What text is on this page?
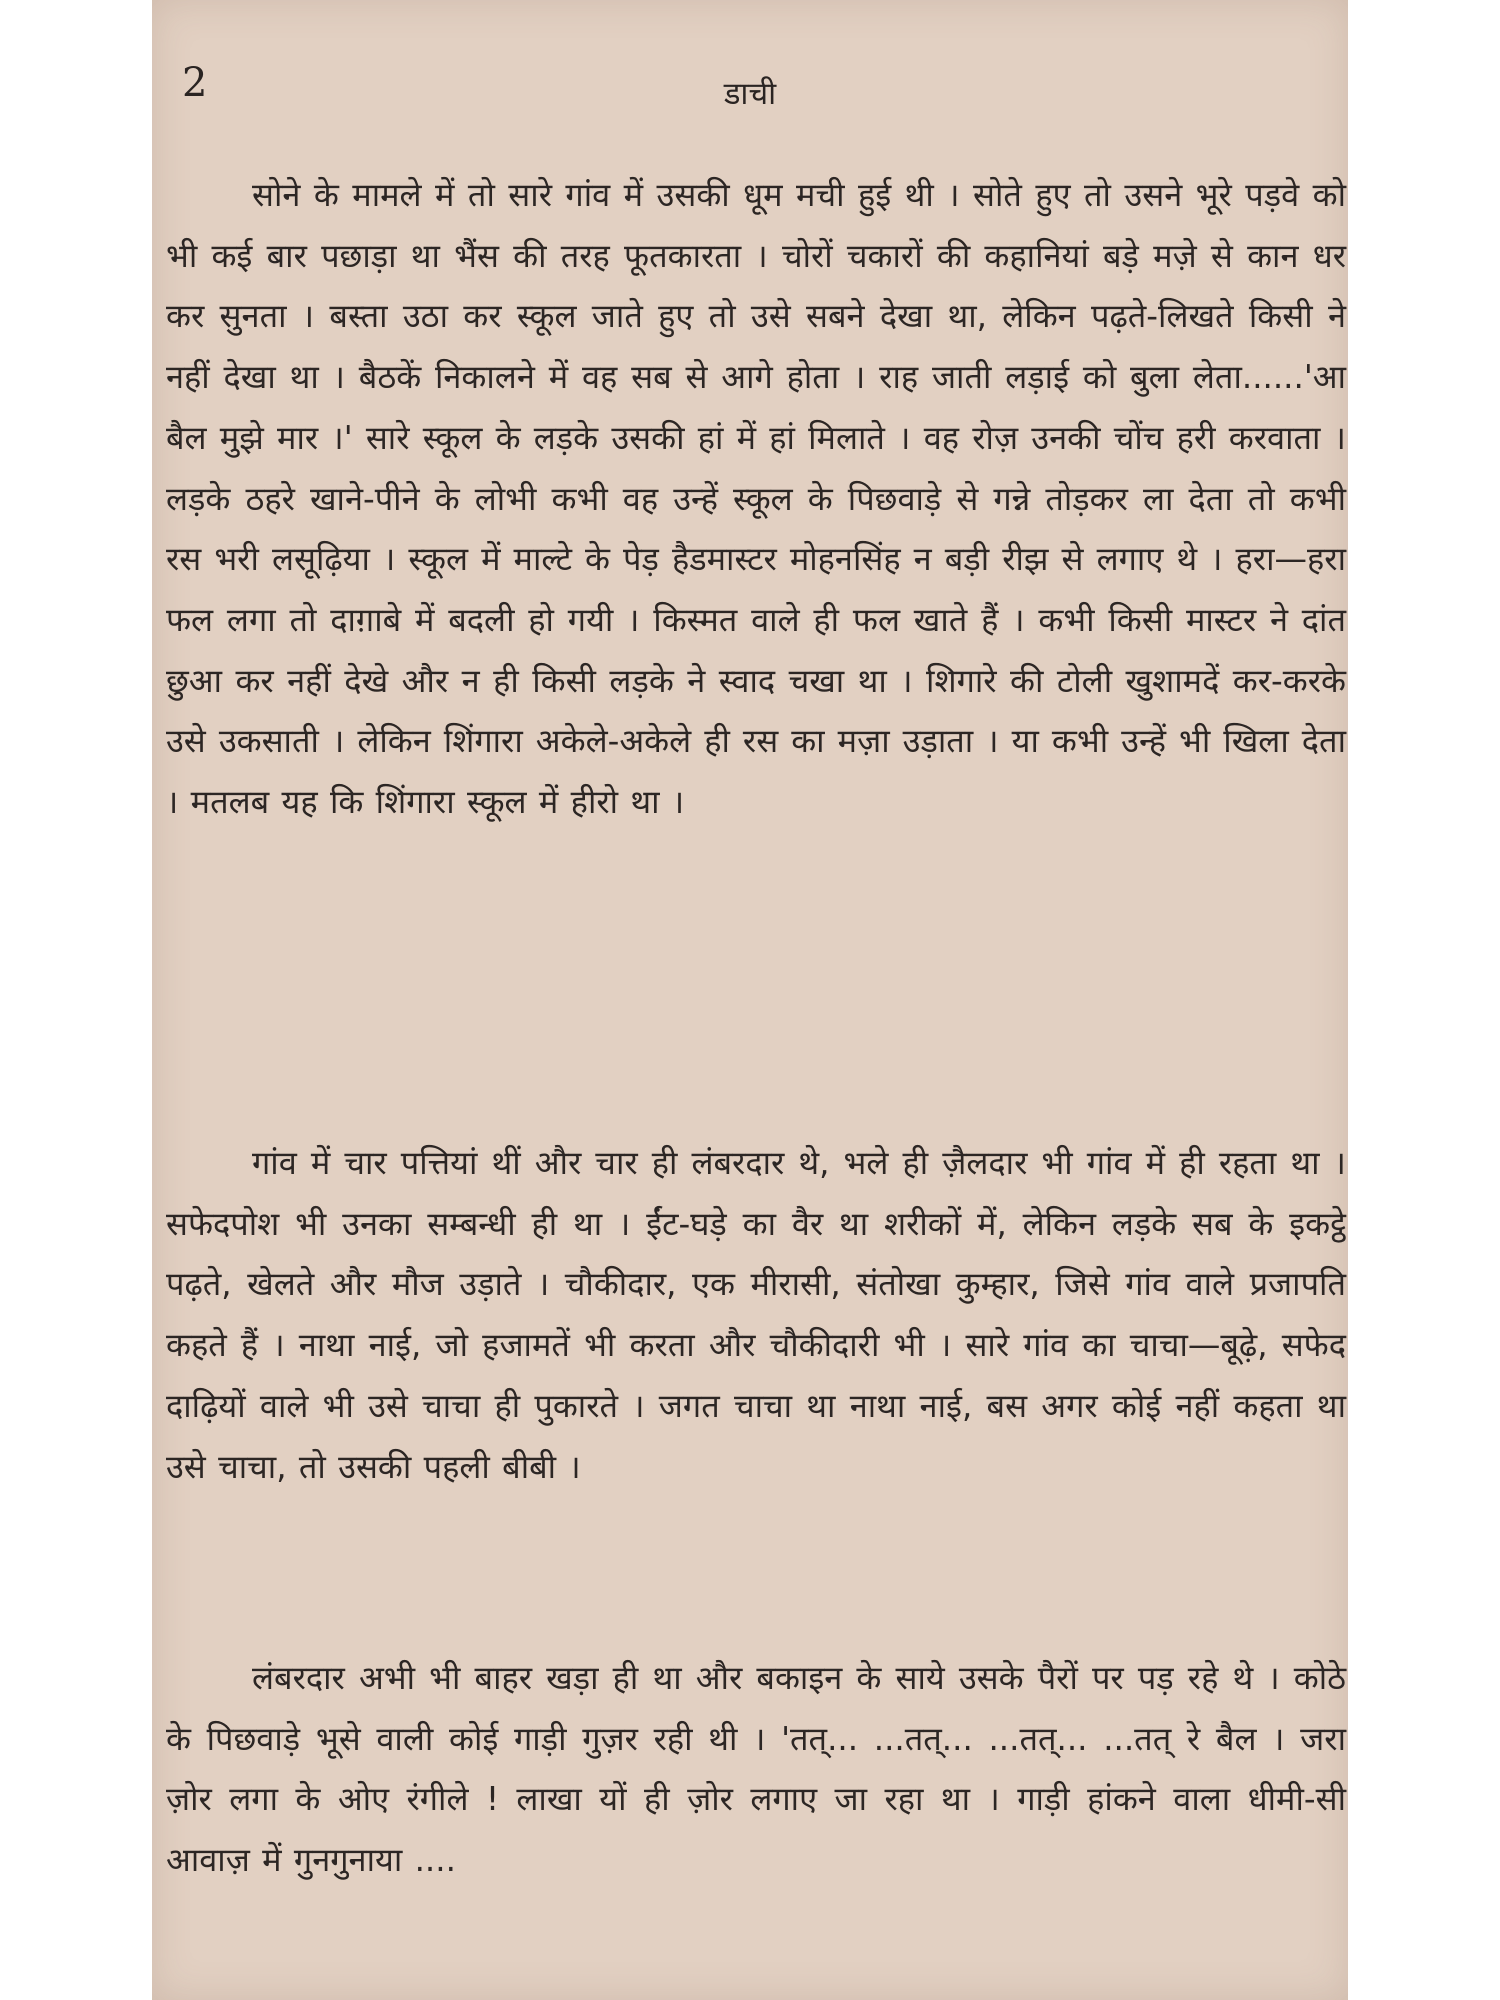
2	डाची

सोने के मामले में तो सारे गांव में उसकी धूम मची हुई थी । सोते हुए तो उसने भूरे पड़वे को भी कई बार पछाड़ा था भैंस की तरह फूतकारता । चोरों चकारों की कहानियां बड़े मज़े से कान धर कर सुनता । बस्ता उठा कर स्कूल जाते हुए तो उसे सबने देखा था, लेकिन पढ़ते-लिखते किसी ने नहीं देखा था । बैठकें निकालने में वह सब से आगे होता । राह जाती लड़ाई को बुला लेता......'आ बैल मुझे मार ।' सारे स्कूल के लड़के उसकी हां में हां मिलाते । वह रोज़ उनकी चोंच हरी करवाता । लड़के ठहरे खाने-पीने के लोभी कभी वह उन्हें स्कूल के पिछवाड़े से गन्ने तोड़कर ला देता तो कभी रस भरी लसूढ़िया । स्कूल में माल्टे के पेड़ हैडमास्टर मोहनसिंह न बड़ी रीझ से लगाए थे । हरा—हरा फल लगा तो दाग़ाबे में बदली हो गयी । किस्मत वाले ही फल खाते हैं । कभी किसी मास्टर ने दांत छुआ कर नहीं देखे और न ही किसी लड़के ने स्वाद चखा था । शिगारे की टोली खुशामदें कर-करके उसे उकसाती । लेकिन शिंगारा अकेले-अकेले ही रस का मज़ा उड़ाता । या कभी उन्हें भी खिला देता । मतलब यह कि शिंगारा स्कूल में हीरो था ।

गांव में चार पत्तियां थीं और चार ही लंबरदार थे, भले ही ज़ैलदार भी गांव में ही रहता था । सफेदपोश भी उनका सम्बन्धी ही था । ईंट-घड़े का वैर था शरीकों में, लेकिन लड़के सब के इकट्ठे पढ़ते, खेलते और मौज उड़ाते । चौकीदार, एक मीरासी, संतोखा कुम्हार, जिसे गांव वाले प्रजापति कहते हैं । नाथा नाई, जो हजामतें भी करता और चौकीदारी भी । सारे गांव का चाचा—बूढ़े, सफेद दाढ़ियों वाले भी उसे चाचा ही पुकारते । जगत चाचा था नाथा नाई, बस अगर कोई नहीं कहता था उसे चाचा, तो उसकी पहली बीबी ।

लंबरदार अभी भी बाहर खड़ा ही था और बकाइन के साये उसके पैरों पर पड़ रहे थे । कोठे के पिछवाड़े भूसे वाली कोई गाड़ी गुज़र रही थी । 'तत्... ...तत्... ...तत्... ...तत् रे बैल । जरा ज़ोर लगा के ओए रंगीले ! लाखा यों ही ज़ोर लगाए जा रहा था । गाड़ी हांकने वाला धीमी-सी आवाज़ में गुनगुनाया ....
